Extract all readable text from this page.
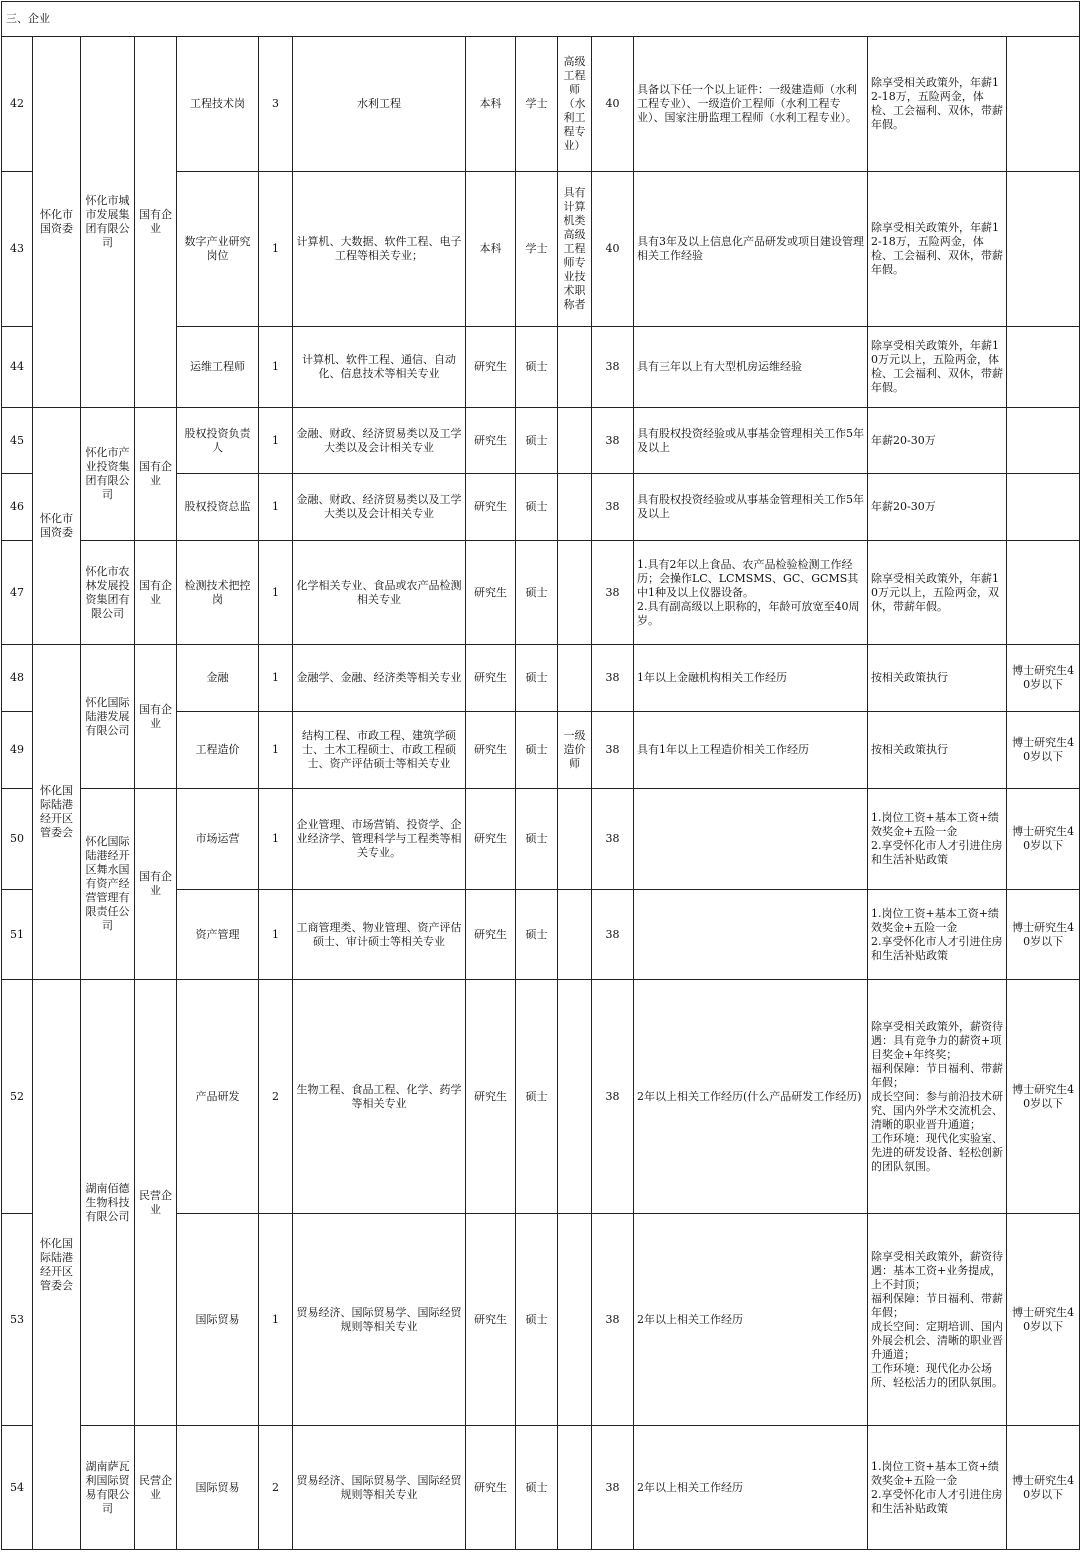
三、企业													
42	怀化市国资委	怀化市城市发展集团有限公司	国有企业	工程技术岗	3	水利工程	本科	学士	高级工程师（水利工程专业）	40	具备以下任一个以上证件：一级建造师（水利工程专业）、一级造价工程师（水利工程专业）、国家注册监理工程师（水利工程专业）。	除享受相关政策外，年薪12-18万，五险两金，体检、工会福利、双休，带薪年假。	
43				数字产业研究岗位	1	计算机、大数据、软件工程、电子工程等相关专业；	本科	学士	具有计算机类高级工程师专业技术职称者	40	具有3年及以上信息化产品研发或项目建设管理相关工作经验	除享受相关政策外，年薪12-18万，五险两金，体检、工会福利、双休，带薪年假。	
44				运维工程师	1	计算机、软件工程、通信、自动化、信息技术等相关专业	研究生	硕士		38	具有三年以上有大型机房运维经验	除享受相关政策外，年薪10万元以上，五险两金，体检、工会福利、双休，带薪年假。	
45	怀化市国资委	怀化市产业投资集团有限公司	国有企业	股权投资负责人	1	金融、财政、经济贸易类以及工学大类以及会计相关专业	研究生	硕士		38	具有股权投资经验或从事基金管理相关工作5年及以上	年薪20-30万	
46				股权投资总监	1	金融、财政、经济贸易类以及工学大类以及会计相关专业	研究生	硕士		38	具有股权投资经验或从事基金管理相关工作5年及以上	年薪20-30万	
47		怀化市农林发展投资集团有限公司	国有企业	检测技术把控岗	1	化学相关专业、食品或农产品检测相关专业	研究生	硕士		38	1.具有2年以上食品、农产品检验检测工作经历；会操作LC、LCMSMS、GC、GCMS其中1种及以上仪器设备。
2.具有副高级以上职称的，年龄可放宽至40周岁。	除享受相关政策外，年薪10万元以上，五险两金，双休，带薪年假。	
48	怀化国际陆港经开区管委会	怀化国际陆港发展有限公司	国有企业	金融	1	金融学、金融、经济类等相关专业	研究生	硕士		38	1年以上金融机构相关工作经历	按相关政策执行	博士研究生40岁以下
49				工程造价	1	结构工程、市政工程、建筑学硕士、土木工程硕士、市政工程硕士、资产评估硕士等相关专业	研究生	硕士	一级造价师	38	具有1年以上工程造价相关工作经历	按相关政策执行	博士研究生40岁以下
50		怀化国际陆港经开区舞水国有资产经营管理有限责任公司	国有企业	市场运营	1	企业管理、市场营销、投资学、企业经济学、管理科学与工程类等相关专业。	研究生	硕士		38		1.岗位工资+基本工资+绩效奖金+五险一金
2.享受怀化市人才引进住房和生活补贴政策	博士研究生40岁以下
51				资产管理	1	工商管理类、物业管理、资产评估硕士、审计硕士等相关专业	研究生	硕士		38		1.岗位工资+基本工资+绩效奖金+五险一金
2.享受怀化市人才引进住房和生活补贴政策	博士研究生40岁以下
52	怀化国际陆港经开区管委会	湖南佰德生物科技有限公司	民营企业	产品研发	2	生物工程、食品工程、化学、药学等相关专业	研究生	硕士		38	2年以上相关工作经历(什么产品研发工作经历)	除享受相关政策外，薪资待遇：具有竞争力的薪资+项目奖金+年终奖；
福利保障：节日福利、带薪年假；
成长空间：参与前沿技术研究、国内外学术交流机会、清晰的职业晋升通道；
工作环境：现代化实验室、先进的研发设备、轻松创新的团队氛围。	博士研究生40岁以下
53				国际贸易	1	贸易经济、国际贸易学、国际经贸规则等相关专业	研究生	硕士		38	2年以上相关工作经历	除享受相关政策外，薪资待遇：基本工资+业务提成，上不封顶；
福利保障：节日福利、带薪年假；
成长空间：定期培训、国内外展会机会、清晰的职业晋升通道；
工作环境：现代化办公场所、轻松活力的团队氛围。	博士研究生40岁以下
54		湖南萨瓦利国际贸易有限公司	民营企业	国际贸易	2	贸易经济、国际贸易学、国际经贸规则等相关专业	研究生	硕士		38	2年以上相关工作经历	1.岗位工资+基本工资+绩效奖金+五险一金
2.享受怀化市人才引进住房和生活补贴政策	博士研究生40岁以下
